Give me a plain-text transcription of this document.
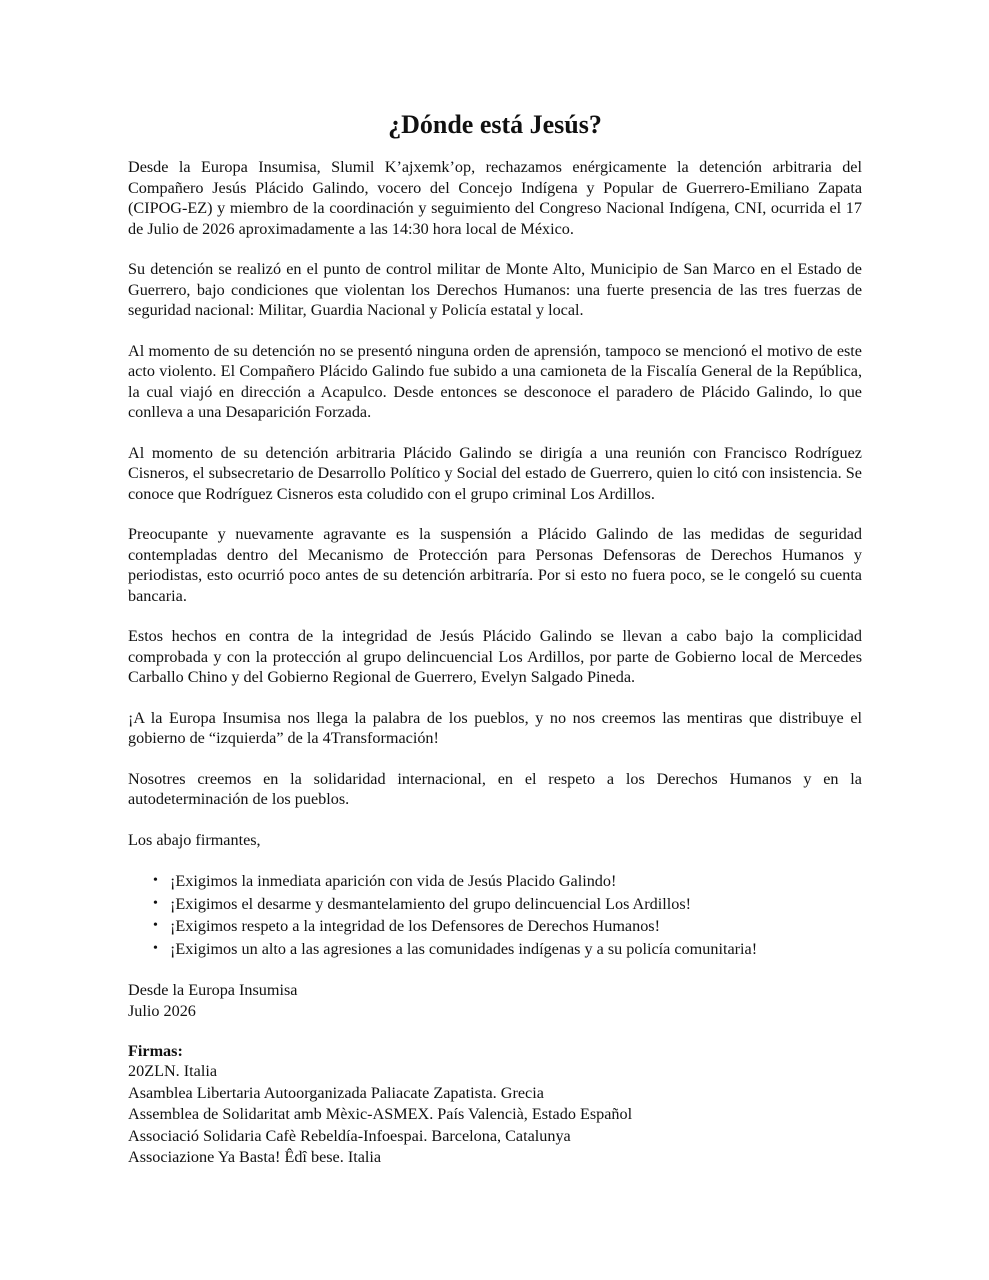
¿Dónde está Jesús?

Desde la Europa Insumisa, Slumil K’ajxemk’op, rechazamos enérgicamente la detención arbitraria del Compañero Jesús Plácido Galindo, vocero del Concejo Indígena y Popular de Guerrero-Emiliano Zapata (CIPOG-EZ) y miembro de la coordinación y seguimiento del Congreso Nacional Indígena, CNI, ocurrida el 17 de Julio de 2026 aproximadamente a las 14:30 hora local de México.

Su detención se realizó en el punto de control militar de Monte Alto, Municipio de San Marco en el Estado de Guerrero, bajo condiciones que violentan los Derechos Humanos: una fuerte presencia de las tres fuerzas de seguridad nacional: Militar, Guardia Nacional y Policía estatal y local.

Al momento de su detención no se presentó ninguna orden de aprensión, tampoco se mencionó el motivo de este acto violento. El Compañero Plácido Galindo fue subido a una camioneta de la Fiscalía General de la República, la cual viajó en dirección a Acapulco. Desde entonces se desconoce el paradero de Plácido Galindo, lo que conlleva a una Desaparición Forzada.

Al momento de su detención arbitraria Plácido Galindo se dirigía a una reunión con Francisco Rodríguez Cisneros, el subsecretario de Desarrollo Político y Social del estado de Guerrero, quien lo citó con insistencia. Se conoce que Rodríguez Cisneros esta coludido con el grupo criminal Los Ardillos.

Preocupante y nuevamente agravante es la suspensión a Plácido Galindo de las medidas de seguridad contempladas dentro del Mecanismo de Protección para Personas Defensoras de Derechos Humanos y periodistas, esto ocurrió poco antes de su detención arbitraría. Por si esto no fuera poco, se le congeló su cuenta bancaria.

Estos hechos en contra de la integridad de Jesús Plácido Galindo se llevan a cabo bajo la complicidad comprobada y con la protección al grupo delincuencial Los Ardillos, por parte de Gobierno local de Mercedes Carballo Chino y del Gobierno Regional de Guerrero, Evelyn Salgado Pineda.

¡A la Europa Insumisa nos llega la palabra de los pueblos, y no nos creemos las mentiras que distribuye el gobierno de “izquierda” de la 4Transformación!

Nosotres creemos en la solidaridad internacional, en el respeto a los Derechos Humanos y en la autodeterminación de los pueblos.

Los abajo firmantes,

• ¡Exigimos la inmediata aparición con vida de Jesús Placido Galindo!
• ¡Exigimos el desarme y desmantelamiento del grupo delincuencial Los Ardillos!
• ¡Exigimos respeto a la integridad de los Defensores de Derechos Humanos!
• ¡Exigimos un alto a las agresiones a las comunidades indígenas y a su policía comunitaria!
Desde la Europa Insumisa
Julio 2026
Firmas:
20ZLN. Italia
Asamblea Libertaria Autoorganizada Paliacate Zapatista. Grecia
Assemblea de Solidaritat amb Mèxic-ASMEX. País Valencià, Estado Español
Associació Solidaria Cafè Rebeldía-Infoespai. Barcelona, Catalunya
Associazione Ya Basta! Êdî bese. Italia
